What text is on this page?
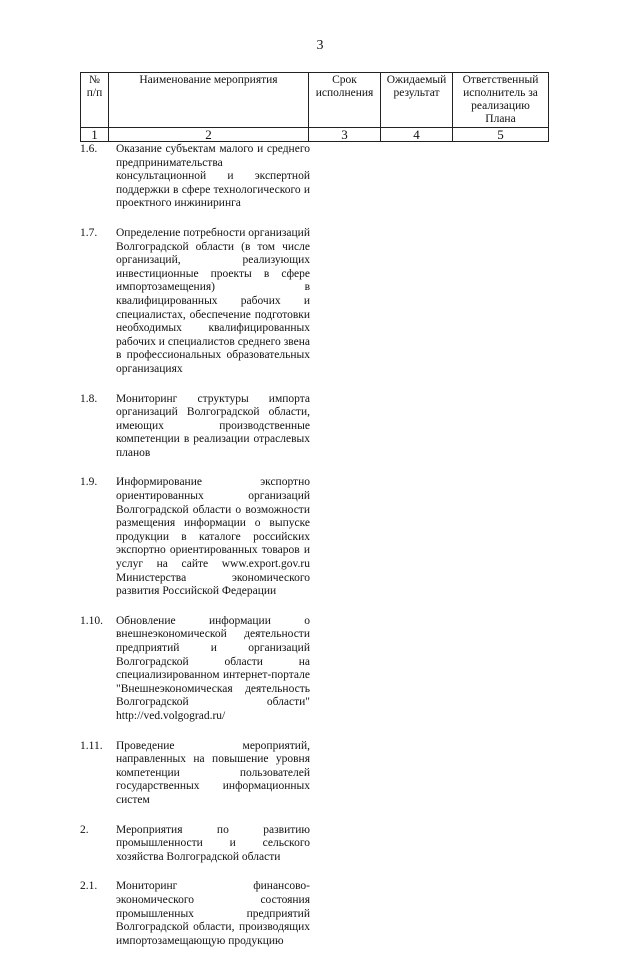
3
№ п/п	Наименование мероприятия	Срок исполнения	Ожидаемый результат	Ответственный исполнитель за реализацию Плана
1	2	3	4	5
1.6.	Оказание субъектам малого и среднего предпринимательства консультационной и экспертной поддержки в сфере технологического и проектного инжиниринга
1.7.	Определение потребности организаций Волгоградской области (в том числе организаций, реализующих инвестиционные проекты в сфере импортозамещения) в квалифицированных рабочих и специалистах, обеспечение подготовки необходимых квалифицированных рабочих и специалистов среднего звена в профессиональных образовательных организациях
1.8.	Мониторинг структуры импорта организаций Волгоградской области, имеющих производственные компетенции в реализации отраслевых планов
1.9.	Информирование экспортно ориентированных организаций Волгоградской области о возможности размещения информации о выпуске продукции в каталоге российских экспортно ориентированных товаров и услуг на сайте www.export.gov.ru Министерства экономического развития Российской Федерации
1.10.	Обновление информации о внешнеэкономической деятельности предприятий и организаций Волгоградской области на специализированном интернет-портале "Внешнеэкономическая деятельность Волгоградской области" http://ved.volgograd.ru/
1.11.	Проведение мероприятий, направленных на повышение уровня компетенции пользователей государственных информационных систем
2.	Мероприятия по развитию промышленности и сельского хозяйства Волгоградской области
2.1.	Мониторинг финансово-экономического состояния промышленных предприятий Волгоградской области, производящих импортозамещающую продукцию
